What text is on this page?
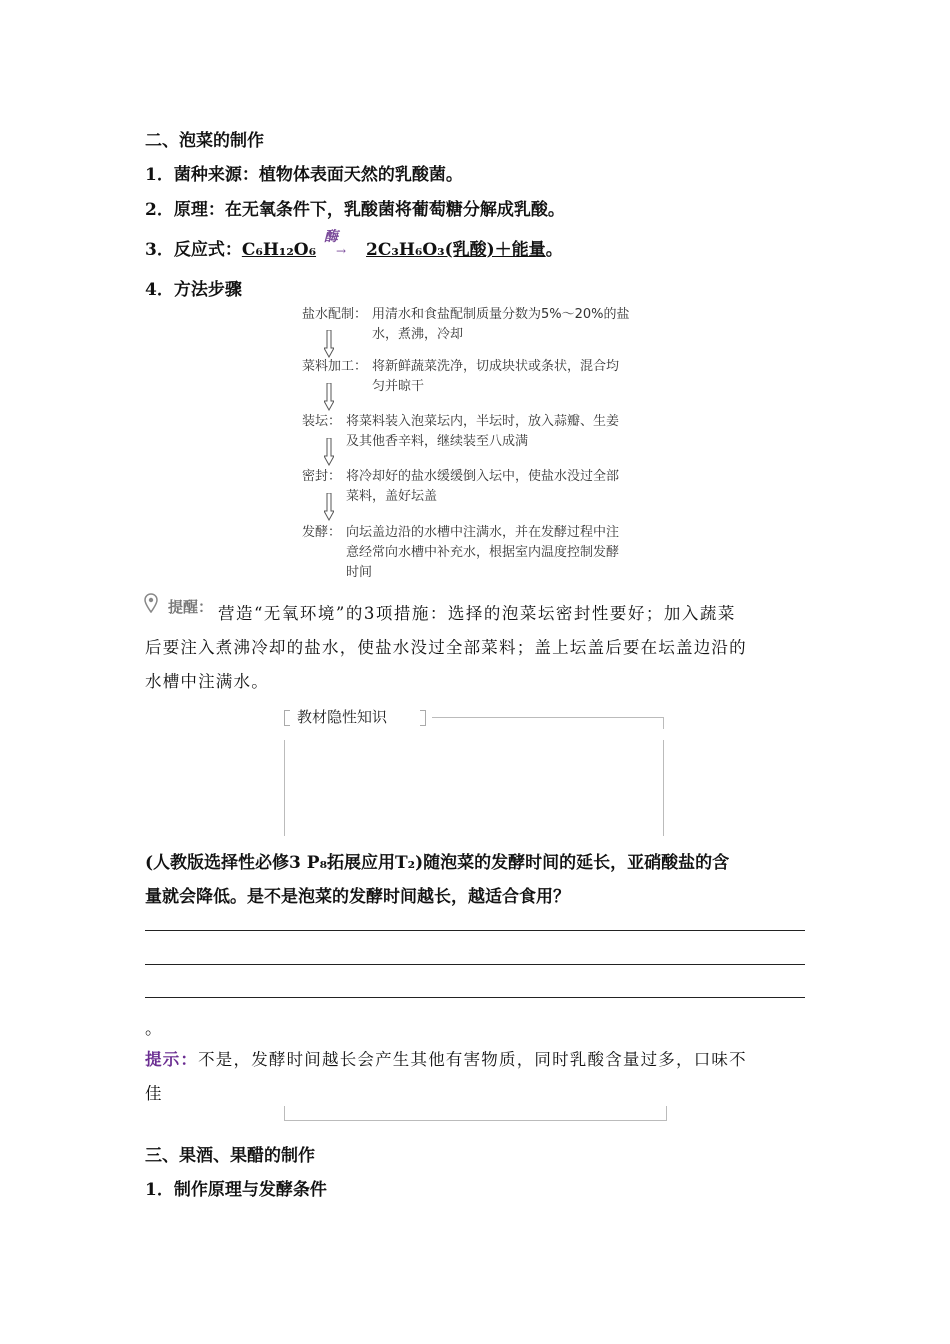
二、泡菜的制作
1．菌种来源：植物体表面天然的乳酸菌。
2．原理：在无氧条件下，乳酸菌将葡萄糖分解成乳酸。
3．反应式：C₆H₁₂O₆
酶
→ 2C₃H₆O₃(乳酸)＋能量。
4．方法步骤
盐水配制： 用清水和食盐配制质量分数为5%～20%的盐
水，煮沸，冷却
菜料加工： 将新鲜蔬菜洗净，切成块状或条状，混合均
匀并晾干
装坛： 将菜料装入泡菜坛内，半坛时，放入蒜瓣、生姜
及其他香辛料，继续装至八成满
密封： 将冷却好的盐水缓缓倒入坛中，使盐水没过全部
菜料，盖好坛盖
发酵： 向坛盖边沿的水槽中注满水，并在发酵过程中注
意经常向水槽中补充水，根据室内温度控制发酵
时间
提醒： 营造“无氧环境”的3项措施：选择的泡菜坛密封性要好；加入蔬菜
后要注入煮沸冷却的盐水，使盐水没过全部菜料；盖上坛盖后要在坛盖边沿的
水槽中注满水。
教材隐性知识
(人教版选择性必修3 P₈拓展应用T₂)随泡菜的发酵时间的延长，亚硝酸盐的含
量就会降低。是不是泡菜的发酵时间越长，越适合食用？
。
提示：不是，发酵时间越长会产生其他有害物质，同时乳酸含量过多，口味不
佳
三、果酒、果醋的制作
1．制作原理与发酵条件
